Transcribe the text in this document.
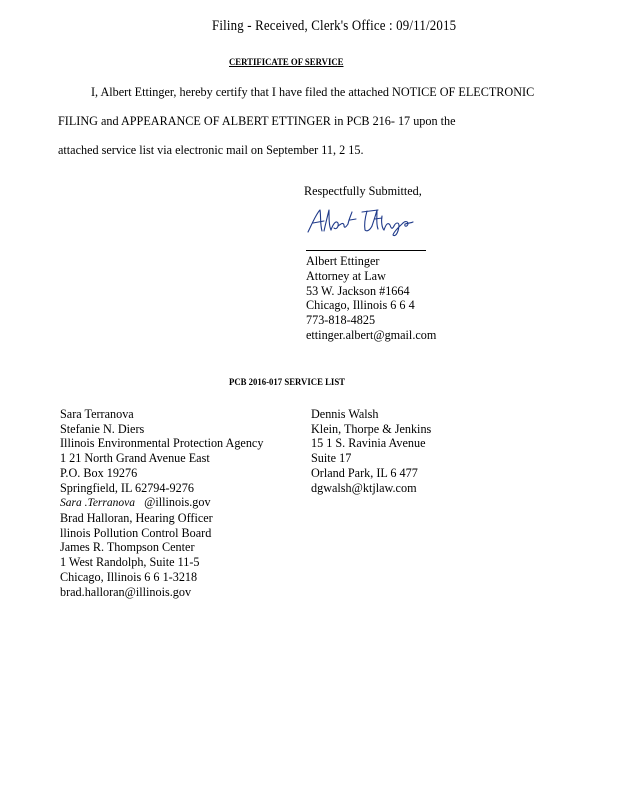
Filing - Received, Clerk's Office : 09/11/2015
CERTIFICATE OF SERVICE
I, Albert Ettinger, hereby certify that I have filed the attached NOTICE OF ELECTRONIC
FILING and APPEARANCE OF ALBERT ETTINGER in PCB 216- 17 upon the
attached service list via electronic mail on September 11, 2 15.
Respectfully Submitted,
Albert Ettinger
Attorney at Law
53 W. Jackson #1664
Chicago, Illinois 6 6 4
773-818-4825
ettinger.albert@gmail.com
PCB 2016-017 SERVICE LIST
Sara Terranova
Stefanie N. Diers
Illinois Environmental Protection Agency
1 21 North Grand Avenue East
P.O. Box 19276
Springfield, IL 62794-9276
Sara .Terranova @illinois.gov
Brad Halloran, Hearing Officer
llinois Pollution Control Board
James R. Thompson Center
1 West Randolph, Suite 11-5
Chicago, Illinois 6 6 1-3218
brad.halloran@illinois.gov
Dennis Walsh
Klein, Thorpe & Jenkins
15 1 S. Ravinia Avenue
Suite 17
Orland Park, IL 6 477
dgwalsh@ktjlaw.com
